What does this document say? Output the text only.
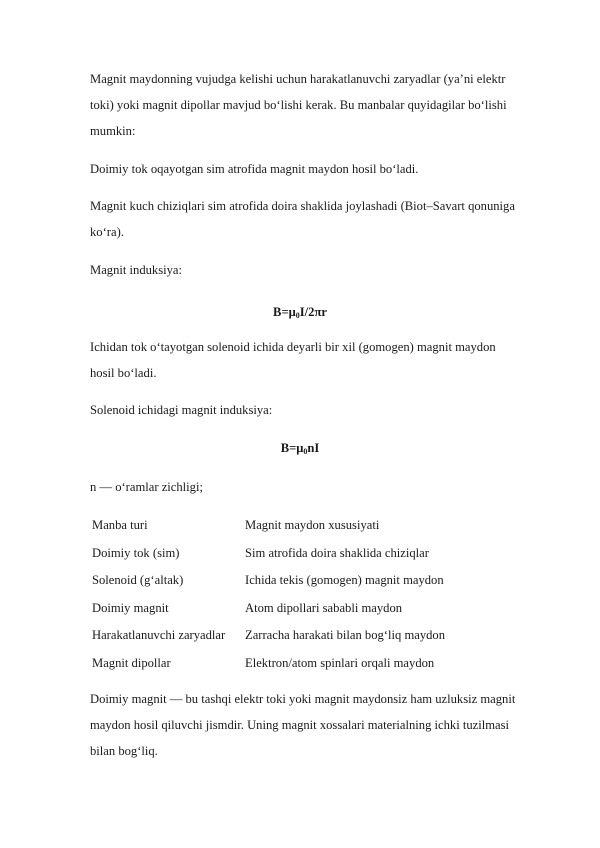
Magnit maydonning vujudga kelishi uchun harakatlanuvchi zaryadlar (ya’ni elektr toki) yoki magnit dipollar mavjud bo‘lishi kerak. Bu manbalar quyidagilar bo‘lishi mumkin:

Doimiy tok oqayotgan sim atrofida magnit maydon hosil bo‘ladi.

Magnit kuch chiziqlari sim atrofida doira shaklida joylashadi (Biot–Savart qonuniga ko‘ra).

Magnit induksiya:

$B=\mu_0I/2\pi r$

Ichidan tok o‘tayotgan solenoid ichida deyarli bir xil (gomogen) magnit maydon hosil bo‘ladi.

Solenoid ichidagi magnit induksiya:

$B=\mu_0nI$

n — o‘ramlar zichligi;

Manba turi	Magnit maydon xususiyati
Doimiy tok (sim)	Sim atrofida doira shaklida chiziqlar
Solenoid (g‘altak)	Ichida tekis (gomogen) magnit maydon
Doimiy magnit	Atom dipollari sababli maydon
Harakatlanuvchi zaryadlar	Zarracha harakati bilan bog‘liq maydon
Magnit dipollar	Elektron/atom spinlari orqali maydon

Doimiy magnit — bu tashqi elektr toki yoki magnit maydonsiz ham uzluksiz magnit maydon hosil qiluvchi jismdir. Uning magnit xossalari materialning ichki tuzilmasi bilan bog‘liq.
